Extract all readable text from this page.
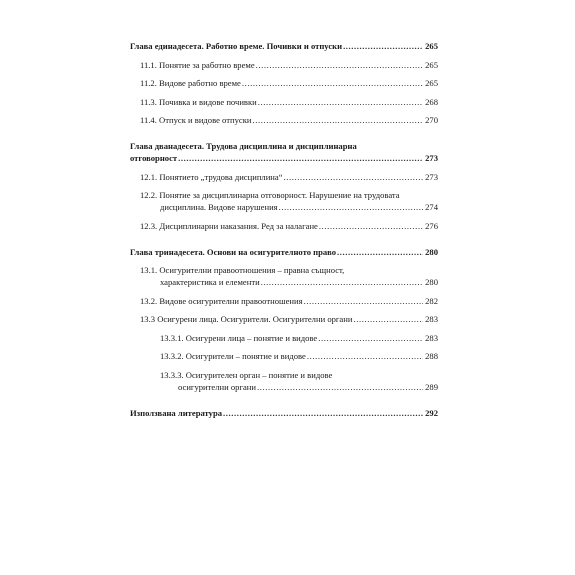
Глава единадесета. Работно време. Почивки и отпуски .....	265
11.1. Понятие за работно време .....	265
11.2. Видове работно време .....	265
11.3. Почивка и видове почивки .....	268
11.4. Отпуск и видове отпуски .....	270
Глава дванадесета. Трудова дисциплина и дисциплинарна
отговорност .....	273
12.1. Понятието „трудова дисциплина“ .....	273
12.2. Понятие за дисциплинарна отговорност. Нарушение на трудовата
дисциплина. Видове нарушения .....	274
12.3. Дисциплинарни наказания. Ред за налагане .....	276
Глава тринадесета. Основи на осигурителното право .....	280
13.1. Осигурителни правоотношения – правна същност,
характеристика и елементи .....	280
13.2. Видове осигурителни правоотношения .....	282
13.3 Осигурени лица. Осигурители. Осигурителни органи .....	283
13.3.1. Осигурени лица – понятие и видове .....	283
13.3.2. Осигурители – понятие и видове .....	288
13.3.3. Осигурителен орган – понятие и видове
осигурителни органи .....	289
Използвана литература .....	292
